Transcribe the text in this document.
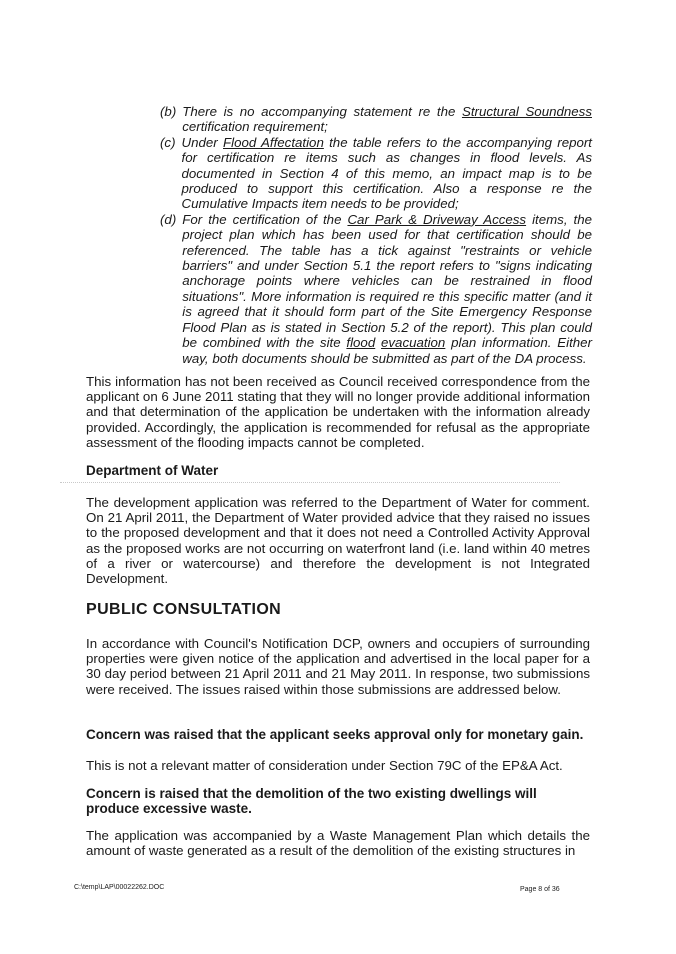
(b) There is no accompanying statement re the Structural Soundness certification requirement;
(c) Under Flood Affectation the table refers to the accompanying report for certification re items such as changes in flood levels. As documented in Section 4 of this memo, an impact map is to be produced to support this certification. Also a response re the Cumulative Impacts item needs to be provided;
(d) For the certification of the Car Park & Driveway Access items, the project plan which has been used for that certification should be referenced. The table has a tick against "restraints or vehicle barriers" and under Section 5.1 the report refers to "signs indicating anchorage points where vehicles can be restrained in flood situations". More information is required re this specific matter (and it is agreed that it should form part of the Site Emergency Response Flood Plan as is stated in Section 5.2 of the report). This plan could be combined with the site flood evacuation plan information. Either way, both documents should be submitted as part of the DA process.
This information has not been received as Council received correspondence from the applicant on 6 June 2011 stating that they will no longer provide additional information and that determination of the application be undertaken with the information already provided. Accordingly, the application is recommended for refusal as the appropriate assessment of the flooding impacts cannot be completed.
Department of Water
The development application was referred to the Department of Water for comment. On 21 April 2011, the Department of Water provided advice that they raised no issues to the proposed development and that it does not need a Controlled Activity Approval as the proposed works are not occurring on waterfront land (i.e. land within 40 metres of a river or watercourse) and therefore the development is not Integrated Development.
PUBLIC CONSULTATION
In accordance with Council's Notification DCP, owners and occupiers of surrounding properties were given notice of the application and advertised in the local paper for a 30 day period between 21 April 2011 and 21 May 2011. In response, two submissions were received. The issues raised within those submissions are addressed below.
Concern was raised that the applicant seeks approval only for monetary gain.
This is not a relevant matter of consideration under Section 79C of the EP&A Act.
Concern is raised that the demolition of the two existing dwellings will produce excessive waste.
The application was accompanied by a Waste Management Plan which details the amount of waste generated as a result of the demolition of the existing structures in
C:\temp\LAP\00022262.DOC	Page 8 of 36
